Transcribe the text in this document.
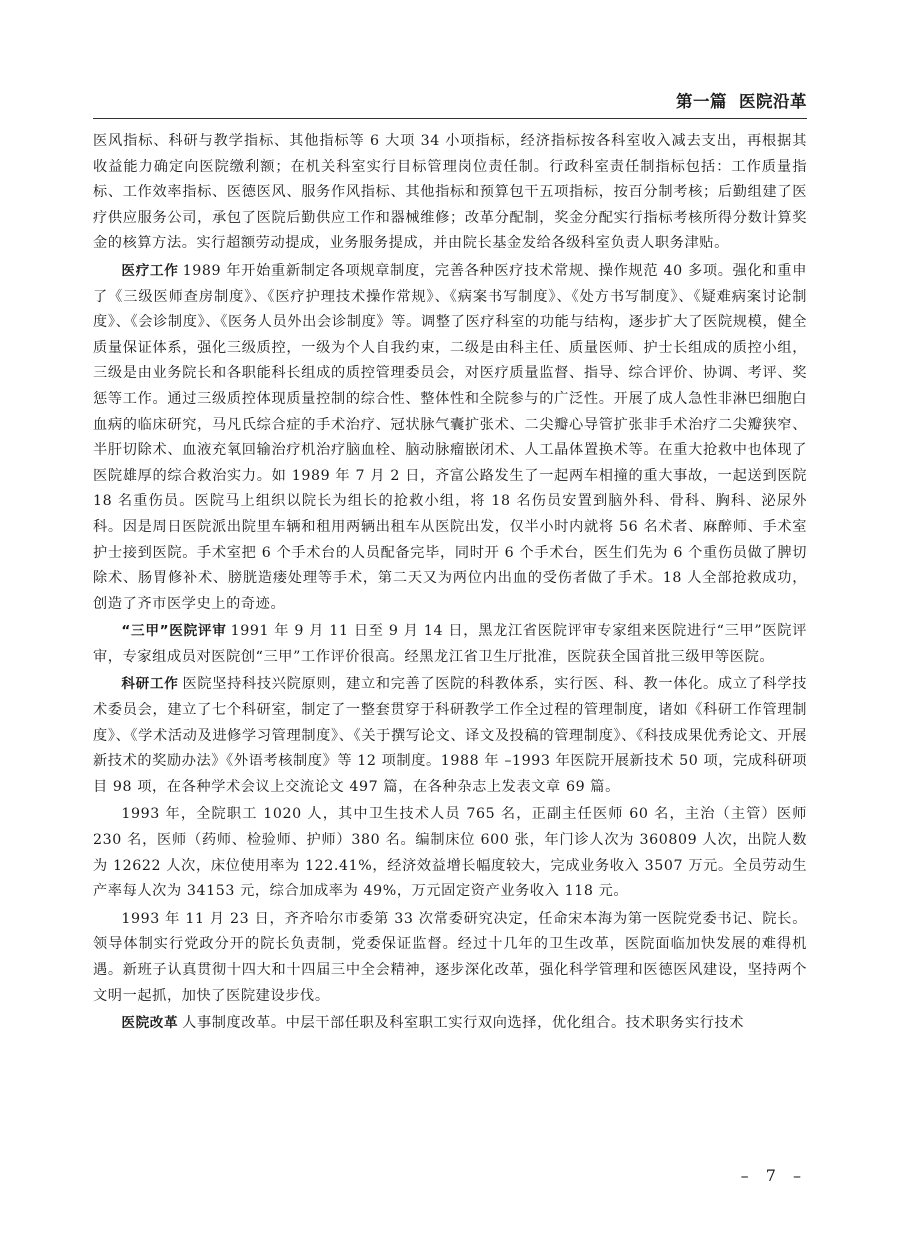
第一篇 医院沿革

医风指标、科研与教学指标、其他指标等 6 大项 34 小项指标，经济指标按各科室收入减去支出，再根据其收益能力确定向医院缴利额；在机关科室实行目标管理岗位责任制。行政科室责任制指标包括：工作质量指标、工作效率指标、医德医风、服务作风指标、其他指标和预算包干五项指标，按百分制考核；后勤组建了医疗供应服务公司，承包了医院后勤供应工作和器械维修；改革分配制，奖金分配实行指标考核所得分数计算奖金的核算方法。实行超额劳动提成，业务服务提成，并由院长基金发给各级科室负责人职务津贴。

医疗工作 1989 年开始重新制定各项规章制度，完善各种医疗技术常规、操作规范 40 多项。强化和重申了《三级医师查房制度》、《医疗护理技术操作常规》、《病案书写制度》、《处方书写制度》、《疑难病案讨论制度》、《会诊制度》、《医务人员外出会诊制度》等。调整了医疗科室的功能与结构，逐步扩大了医院规模，健全质量保证体系，强化三级质控，一级为个人自我约束，二级是由科主任、质量医师、护士长组成的质控小组，三级是由业务院长和各职能科长组成的质控管理委员会，对医疗质量监督、指导、综合评价、协调、考评、奖惩等工作。通过三级质控体现质量控制的综合性、整体性和全院参与的广泛性。开展了成人急性非淋巴细胞白血病的临床研究，马凡氏综合症的手术治疗、冠状脉气囊扩张术、二尖瓣心导管扩张非手术治疗二尖瓣狭窄、半肝切除术、血液充氧回输治疗机治疗脑血栓、脑动脉瘤嵌闭术、人工晶体置换术等。在重大抢救中也体现了医院雄厚的综合救治实力。如 1989 年 7 月 2 日，齐富公路发生了一起两车相撞的重大事故，一起送到医院 18 名重伤员。医院马上组织以院长为组长的抢救小组，将 18 名伤员安置到脑外科、骨科、胸科、泌尿外科。因是周日医院派出院里车辆和租用两辆出租车从医院出发，仅半小时内就将 56 名术者、麻醉师、手术室护士接到医院。手术室把 6 个手术台的人员配备完毕，同时开 6 个手术台，医生们先为 6 个重伤员做了脾切除术、肠胃修补术、膀胱造瘘处理等手术，第二天又为两位内出血的受伤者做了手术。18 人全部抢救成功，创造了齐市医学史上的奇迹。

“三甲”医院评审 1991 年 9 月 11 日至 9 月 14 日，黑龙江省医院评审专家组来医院进行“三甲”医院评审，专家组成员对医院创“三甲”工作评价很高。经黑龙江省卫生厅批准，医院获全国首批三级甲等医院。

科研工作 医院坚持科技兴院原则，建立和完善了医院的科教体系，实行医、科、教一体化。成立了科学技术委员会，建立了七个科研室，制定了一整套贯穿于科研教学工作全过程的管理制度，诸如《科研工作管理制度》、《学术活动及进修学习管理制度》、《关于撰写论文、译文及投稿的管理制度》、《科技成果优秀论文、开展新技术的奖励办法》《外语考核制度》等 12 项制度。1988 年 –1993 年医院开展新技术 50 项，完成科研项目 98 项，在各种学术会议上交流论文 497 篇，在各种杂志上发表文章 69 篇。

1993 年，全院职工 1020 人，其中卫生技术人员 765 名，正副主任医师 60 名，主治（主管）医师 230 名，医师（药师、检验师、护师）380 名。编制床位 600 张，年门诊人次为 360809 人次，出院人数为 12622 人次，床位使用率为 122.41%，经济效益增长幅度较大，完成业务收入 3507 万元。全员劳动生产率每人次为 34153 元，综合加成率为 49%，万元固定资产业务收入 118 元。

1993 年 11 月 23 日，齐齐哈尔市委第 33 次常委研究决定，任命宋本海为第一医院党委书记、院长。领导体制实行党政分开的院长负责制，党委保证监督。经过十几年的卫生改革，医院面临加快发展的难得机遇。新班子认真贯彻十四大和十四届三中全会精神，逐步深化改革，强化科学管理和医德医风建设，坚持两个文明一起抓，加快了医院建设步伐。

医院改革 人事制度改革。中层干部任职及科室职工实行双向选择，优化组合。技术职务实行技术

– 7 –
